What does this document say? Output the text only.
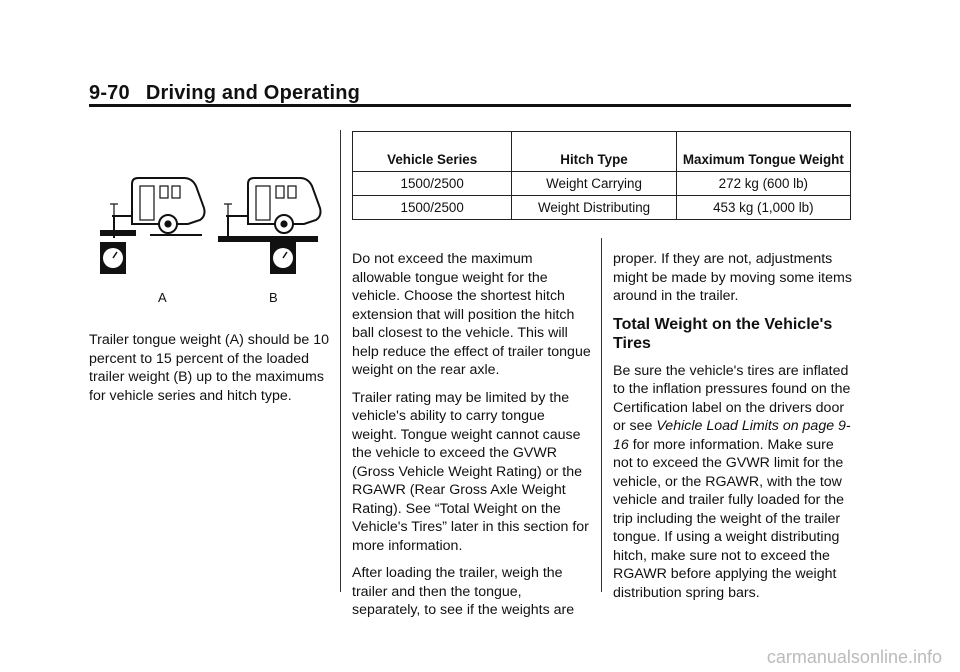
9-70 Driving and Operating
A	B
Trailer tongue weight (A) should be 10 percent to 15 percent of the loaded trailer weight (B) up to the maximums for vehicle series and hitch type.
Vehicle Series	Hitch Type	Maximum Tongue Weight
1500/2500	Weight Carrying	272 kg (600 lb)
1500/2500	Weight Distributing	453 kg (1,000 lb)

Do not exceed the maximum allowable tongue weight for the vehicle. Choose the shortest hitch extension that will position the hitch ball closest to the vehicle. This will help reduce the effect of trailer tongue weight on the rear axle.

Trailer rating may be limited by the vehicle's ability to carry tongue weight. Tongue weight cannot cause the vehicle to exceed the GVWR (Gross Vehicle Weight Rating) or the RGAWR (Rear Gross Axle Weight Rating). See “Total Weight on the Vehicle's Tires” later in this section for more information.

After loading the trailer, weigh the trailer and then the tongue, separately, to see if the weights are

proper. If they are not, adjustments might be made by moving some items around in the trailer.

Total Weight on the Vehicle's Tires

Be sure the vehicle's tires are inflated to the inflation pressures found on the Certification label on the drivers door or see Vehicle Load Limits on page 9-16 for more information. Make sure not to exceed the GVWR limit for the vehicle, or the RGAWR, with the tow vehicle and trailer fully loaded for the trip including the weight of the trailer tongue. If using a weight distributing hitch, make sure not to exceed the RGAWR before applying the weight distribution spring bars.

carmanualsonline.info
